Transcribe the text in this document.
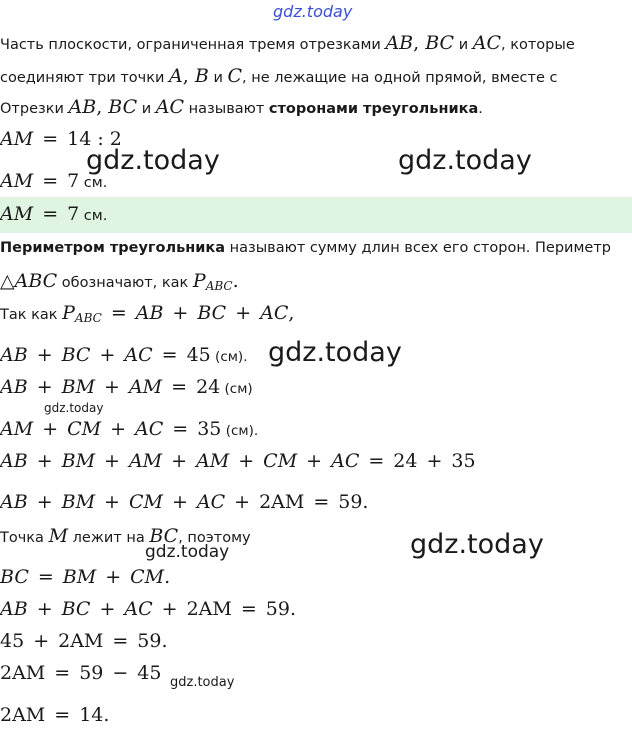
gdz.today
Часть плоскости, ограниченная тремя отрезками AB, BC и AC, которые
соединяют три точки A, B и C, не лежащие на одной прямой, вместе с
Отрезки AB, BC и AC называют сторонами треугольника.
AM = 14 : 2
gdz.today	gdz.today
AM = 7 см.
AM = 7 см.
Периметром треугольника называют сумму длин всех его сторон. Периметр
△ABC обозначают, как $P_{ABC}$.
Так как $P_{ABC}$ = AB + BC + AC,
AB + BC + AC = 45 (см). gdz.today
AB + BM + AM = 24 (см)
gdz.today
AM + CM + AC = 35 (см).
AB + BM + AM + AM + CM + AC = 24 + 35
AB + BM + CM + AC + 2AM = 59.
Точка M лежит на BC, поэтому
gdz.today	gdz.today
BC = BM + CM.
AB + BC + AC + 2AM = 59.
45 + 2AM = 59.
2AM = 59 − 45 gdz.today
2AM = 14.
